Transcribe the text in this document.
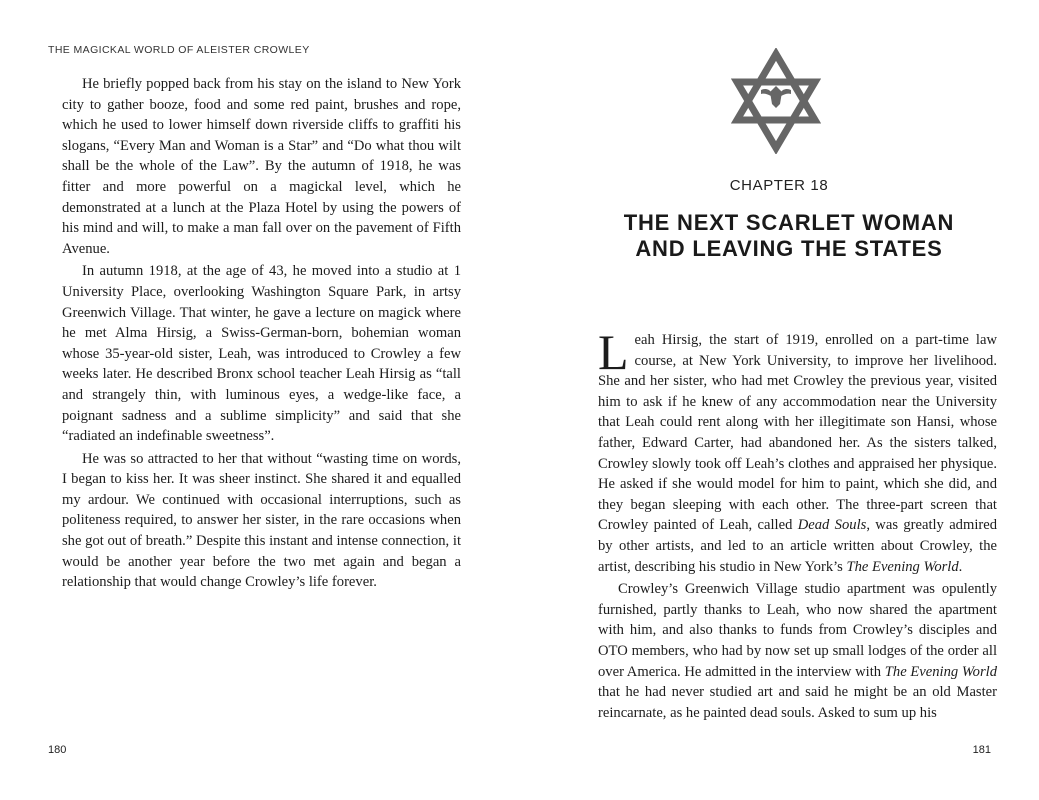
THE MAGICKAL WORLD OF ALEISTER CROWLEY

He briefly popped back from his stay on the island to New York city to gather booze, food and some red paint, brushes and rope, which he used to lower himself down riverside cliffs to graffiti his slogans, “Every Man and Woman is a Star” and “Do what thou wilt shall be the whole of the Law”. By the autumn of 1918, he was fitter and more powerful on a magickal level, which he demonstrated at a lunch at the Plaza Hotel by using the powers of his mind and will, to make a man fall over on the pavement of Fifth Avenue.

In autumn 1918, at the age of 43, he moved into a studio at 1 University Place, overlooking Washington Square Park, in artsy Greenwich Village. That winter, he gave a lecture on magick where he met Alma Hirsig, a Swiss-German-born, bohemian woman whose 35-year-old sister, Leah, was introduced to Crowley a few weeks later. He described Bronx school teacher Leah Hirsig as “tall and strangely thin, with luminous eyes, a wedge-like face, a poignant sadness and a sublime simplicity” and said that she “radiated an indefinable sweetness”.

He was so attracted to her that without “wasting time on words, I began to kiss her. It was sheer instinct. She shared it and equalled my ardour. We continued with occasional interruptions, such as politeness required, to answer her sister, in the rare occasions when she got out of breath.” Despite this instant and intense connection, it would be another year before the two met again and began a relationship that would change Crowley’s life forever.

180
CHAPTER 18
THE NEXT SCARLET WOMAN
AND LEAVING THE STATES

Leah Hirsig, the start of 1919, enrolled on a part-time law course, at New York University, to improve her livelihood. She and her sister, who had met Crowley the previous year, visited him to ask if he knew of any accommodation near the University that Leah could rent along with her illegitimate son Hansi, whose father, Edward Carter, had abandoned her. As the sisters talked, Crowley slowly took off Leah’s clothes and appraised her physique. He asked if she would model for him to paint, which she did, and they began sleeping with each other. The three-part screen that Crowley painted of Leah, called Dead Souls, was greatly admired by other artists, and led to an article written about Crowley, the artist, describing his studio in New York’s The Evening World.

Crowley’s Greenwich Village studio apartment was opulently furnished, partly thanks to Leah, who now shared the apartment with him, and also thanks to funds from Crowley’s disciples and OTO members, who had by now set up small lodges of the order all over America. He admitted in the interview with The Evening World that he had never studied art and said he might be an old Master reincarnate, as he painted dead souls. Asked to sum up his

181
